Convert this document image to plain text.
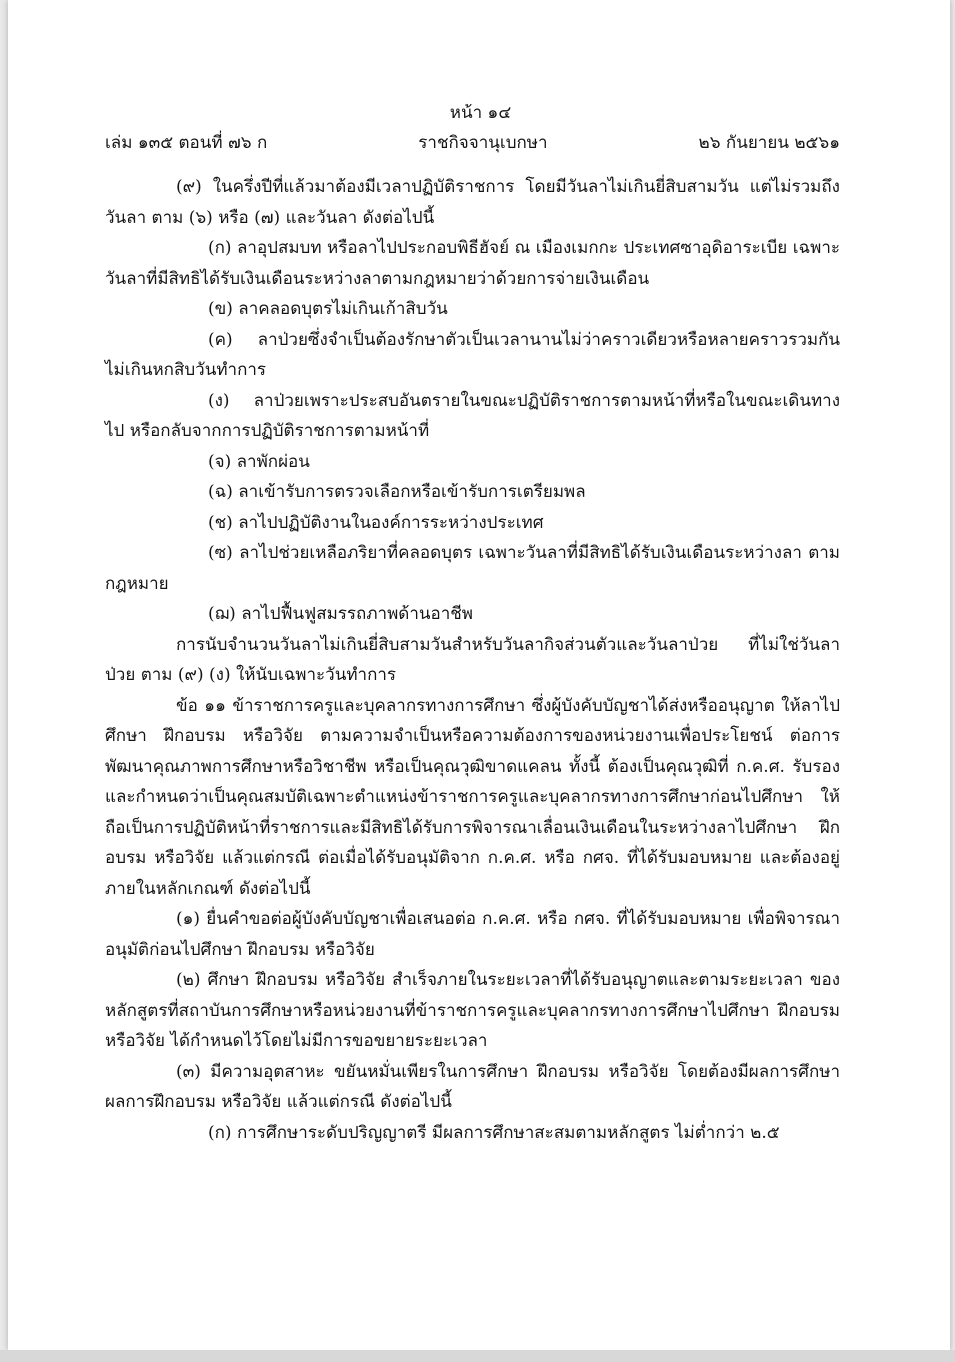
หน้า ๑๔
เล่ม ๑๓๕ ตอนที่ ๗๖ ก	ราชกิจจานุเบกษา	๒๖ กันยายน ๒๕๖๑

(๙) ในครึ่งปีที่แล้วมาต้องมีเวลาปฏิบัติราชการ โดยมีวันลาไม่เกินยี่สิบสามวัน แต่ไม่รวมถึงวันลา ตาม (๖) หรือ (๗) และวันลา ดังต่อไปนี้

(ก) ลาอุปสมบท หรือลาไปประกอบพิธีฮัจย์ ณ เมืองเมกกะ ประเทศซาอุดิอาระเบีย เฉพาะวันลาที่มีสิทธิได้รับเงินเดือนระหว่างลาตามกฎหมายว่าด้วยการจ่ายเงินเดือน

(ข) ลาคลอดบุตรไม่เกินเก้าสิบวัน

(ค) ลาป่วยซึ่งจำเป็นต้องรักษาตัวเป็นเวลานานไม่ว่าคราวเดียวหรือหลายคราวรวมกัน ไม่เกินหกสิบวันทำการ

(ง) ลาป่วยเพราะประสบอันตรายในขณะปฏิบัติราชการตามหน้าที่หรือในขณะเดินทางไป หรือกลับจากการปฏิบัติราชการตามหน้าที่

(จ) ลาพักผ่อน

(ฉ) ลาเข้ารับการตรวจเลือกหรือเข้ารับการเตรียมพล

(ช) ลาไปปฏิบัติงานในองค์การระหว่างประเทศ

(ซ) ลาไปช่วยเหลือภริยาที่คลอดบุตร เฉพาะวันลาที่มีสิทธิได้รับเงินเดือนระหว่างลา ตามกฎหมาย

(ฌ) ลาไปฟื้นฟูสมรรถภาพด้านอาชีพ

การนับจำนวนวันลาไม่เกินยี่สิบสามวันสำหรับวันลากิจส่วนตัวและวันลาป่วย ที่ไม่ใช่วันลาป่วย ตาม (๙) (ง) ให้นับเฉพาะวันทำการ

ข้อ ๑๑ ข้าราชการครูและบุคลากรทางการศึกษา ซึ่งผู้บังคับบัญชาได้ส่งหรืออนุญาต ให้ลาไปศึกษา ฝึกอบรม หรือวิจัย ตามความจำเป็นหรือความต้องการของหน่วยงานเพื่อประโยชน์ ต่อการพัฒนาคุณภาพการศึกษาหรือวิชาชีพ หรือเป็นคุณวุฒิขาดแคลน ทั้งนี้ ต้องเป็นคุณวุฒิที่ ก.ค.ศ. รับรองและกำหนดว่าเป็นคุณสมบัติเฉพาะตำแหน่งข้าราชการครูและบุคลากรทางการศึกษาก่อนไปศึกษา ให้ถือเป็นการปฏิบัติหน้าที่ราชการและมีสิทธิได้รับการพิจารณาเลื่อนเงินเดือนในระหว่างลาไปศึกษา ฝึกอบรม หรือวิจัย แล้วแต่กรณี ต่อเมื่อได้รับอนุมัติจาก ก.ค.ศ. หรือ กศจ. ที่ได้รับมอบหมาย และต้องอยู่ภายในหลักเกณฑ์ ดังต่อไปนี้

(๑) ยื่นคำขอต่อผู้บังคับบัญชาเพื่อเสนอต่อ ก.ค.ศ. หรือ กศจ. ที่ได้รับมอบหมาย เพื่อพิจารณาอนุมัติก่อนไปศึกษา ฝึกอบรม หรือวิจัย

(๒) ศึกษา ฝึกอบรม หรือวิจัย สำเร็จภายในระยะเวลาที่ได้รับอนุญาตและตามระยะเวลา ของหลักสูตรที่สถาบันการศึกษาหรือหน่วยงานที่ข้าราชการครูและบุคลากรทางการศึกษาไปศึกษา ฝึกอบรม หรือวิจัย ได้กำหนดไว้โดยไม่มีการขอขยายระยะเวลา

(๓) มีความอุตสาหะ ขยันหมั่นเพียรในการศึกษา ฝึกอบรม หรือวิจัย โดยต้องมีผลการศึกษา ผลการฝึกอบรม หรือวิจัย แล้วแต่กรณี ดังต่อไปนี้

(ก) การศึกษาระดับปริญญาตรี มีผลการศึกษาสะสมตามหลักสูตร ไม่ต่ำกว่า ๒.๕
